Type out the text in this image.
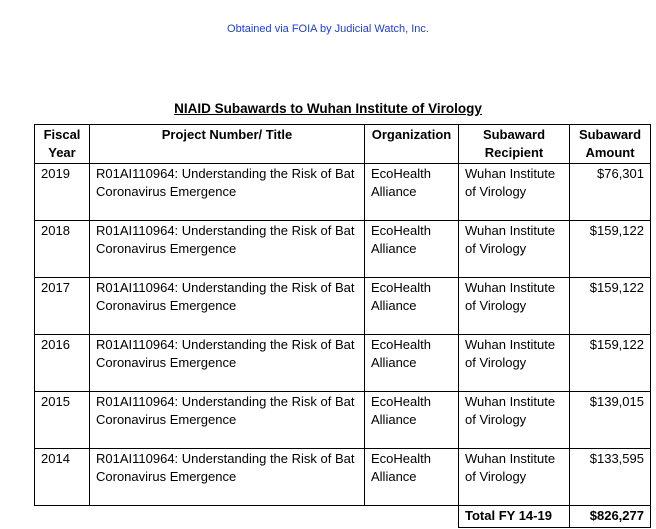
Obtained via FOIA by Judicial Watch, Inc.
NIAID Subawards to Wuhan Institute of Virology
Fiscal Year	Project Number/ Title	Organization	Subaward Recipient	Subaward Amount
2019	R01AI110964: Understanding the Risk of Bat Coronavirus Emergence	EcoHealth Alliance	Wuhan Institute of Virology	$76,301
2018	R01AI110964: Understanding the Risk of Bat Coronavirus Emergence	EcoHealth Alliance	Wuhan Institute of Virology	$159,122
2017	R01AI110964: Understanding the Risk of Bat Coronavirus Emergence	EcoHealth Alliance	Wuhan Institute of Virology	$159,122
2016	R01AI110964: Understanding the Risk of Bat Coronavirus Emergence	EcoHealth Alliance	Wuhan Institute of Virology	$159,122
2015	R01AI110964: Understanding the Risk of Bat Coronavirus Emergence	EcoHealth Alliance	Wuhan Institute of Virology	$139,015
2014	R01AI110964: Understanding the Risk of Bat Coronavirus Emergence	EcoHealth Alliance	Wuhan Institute of Virology	$133,595
			Total FY 14-19	$826,277
